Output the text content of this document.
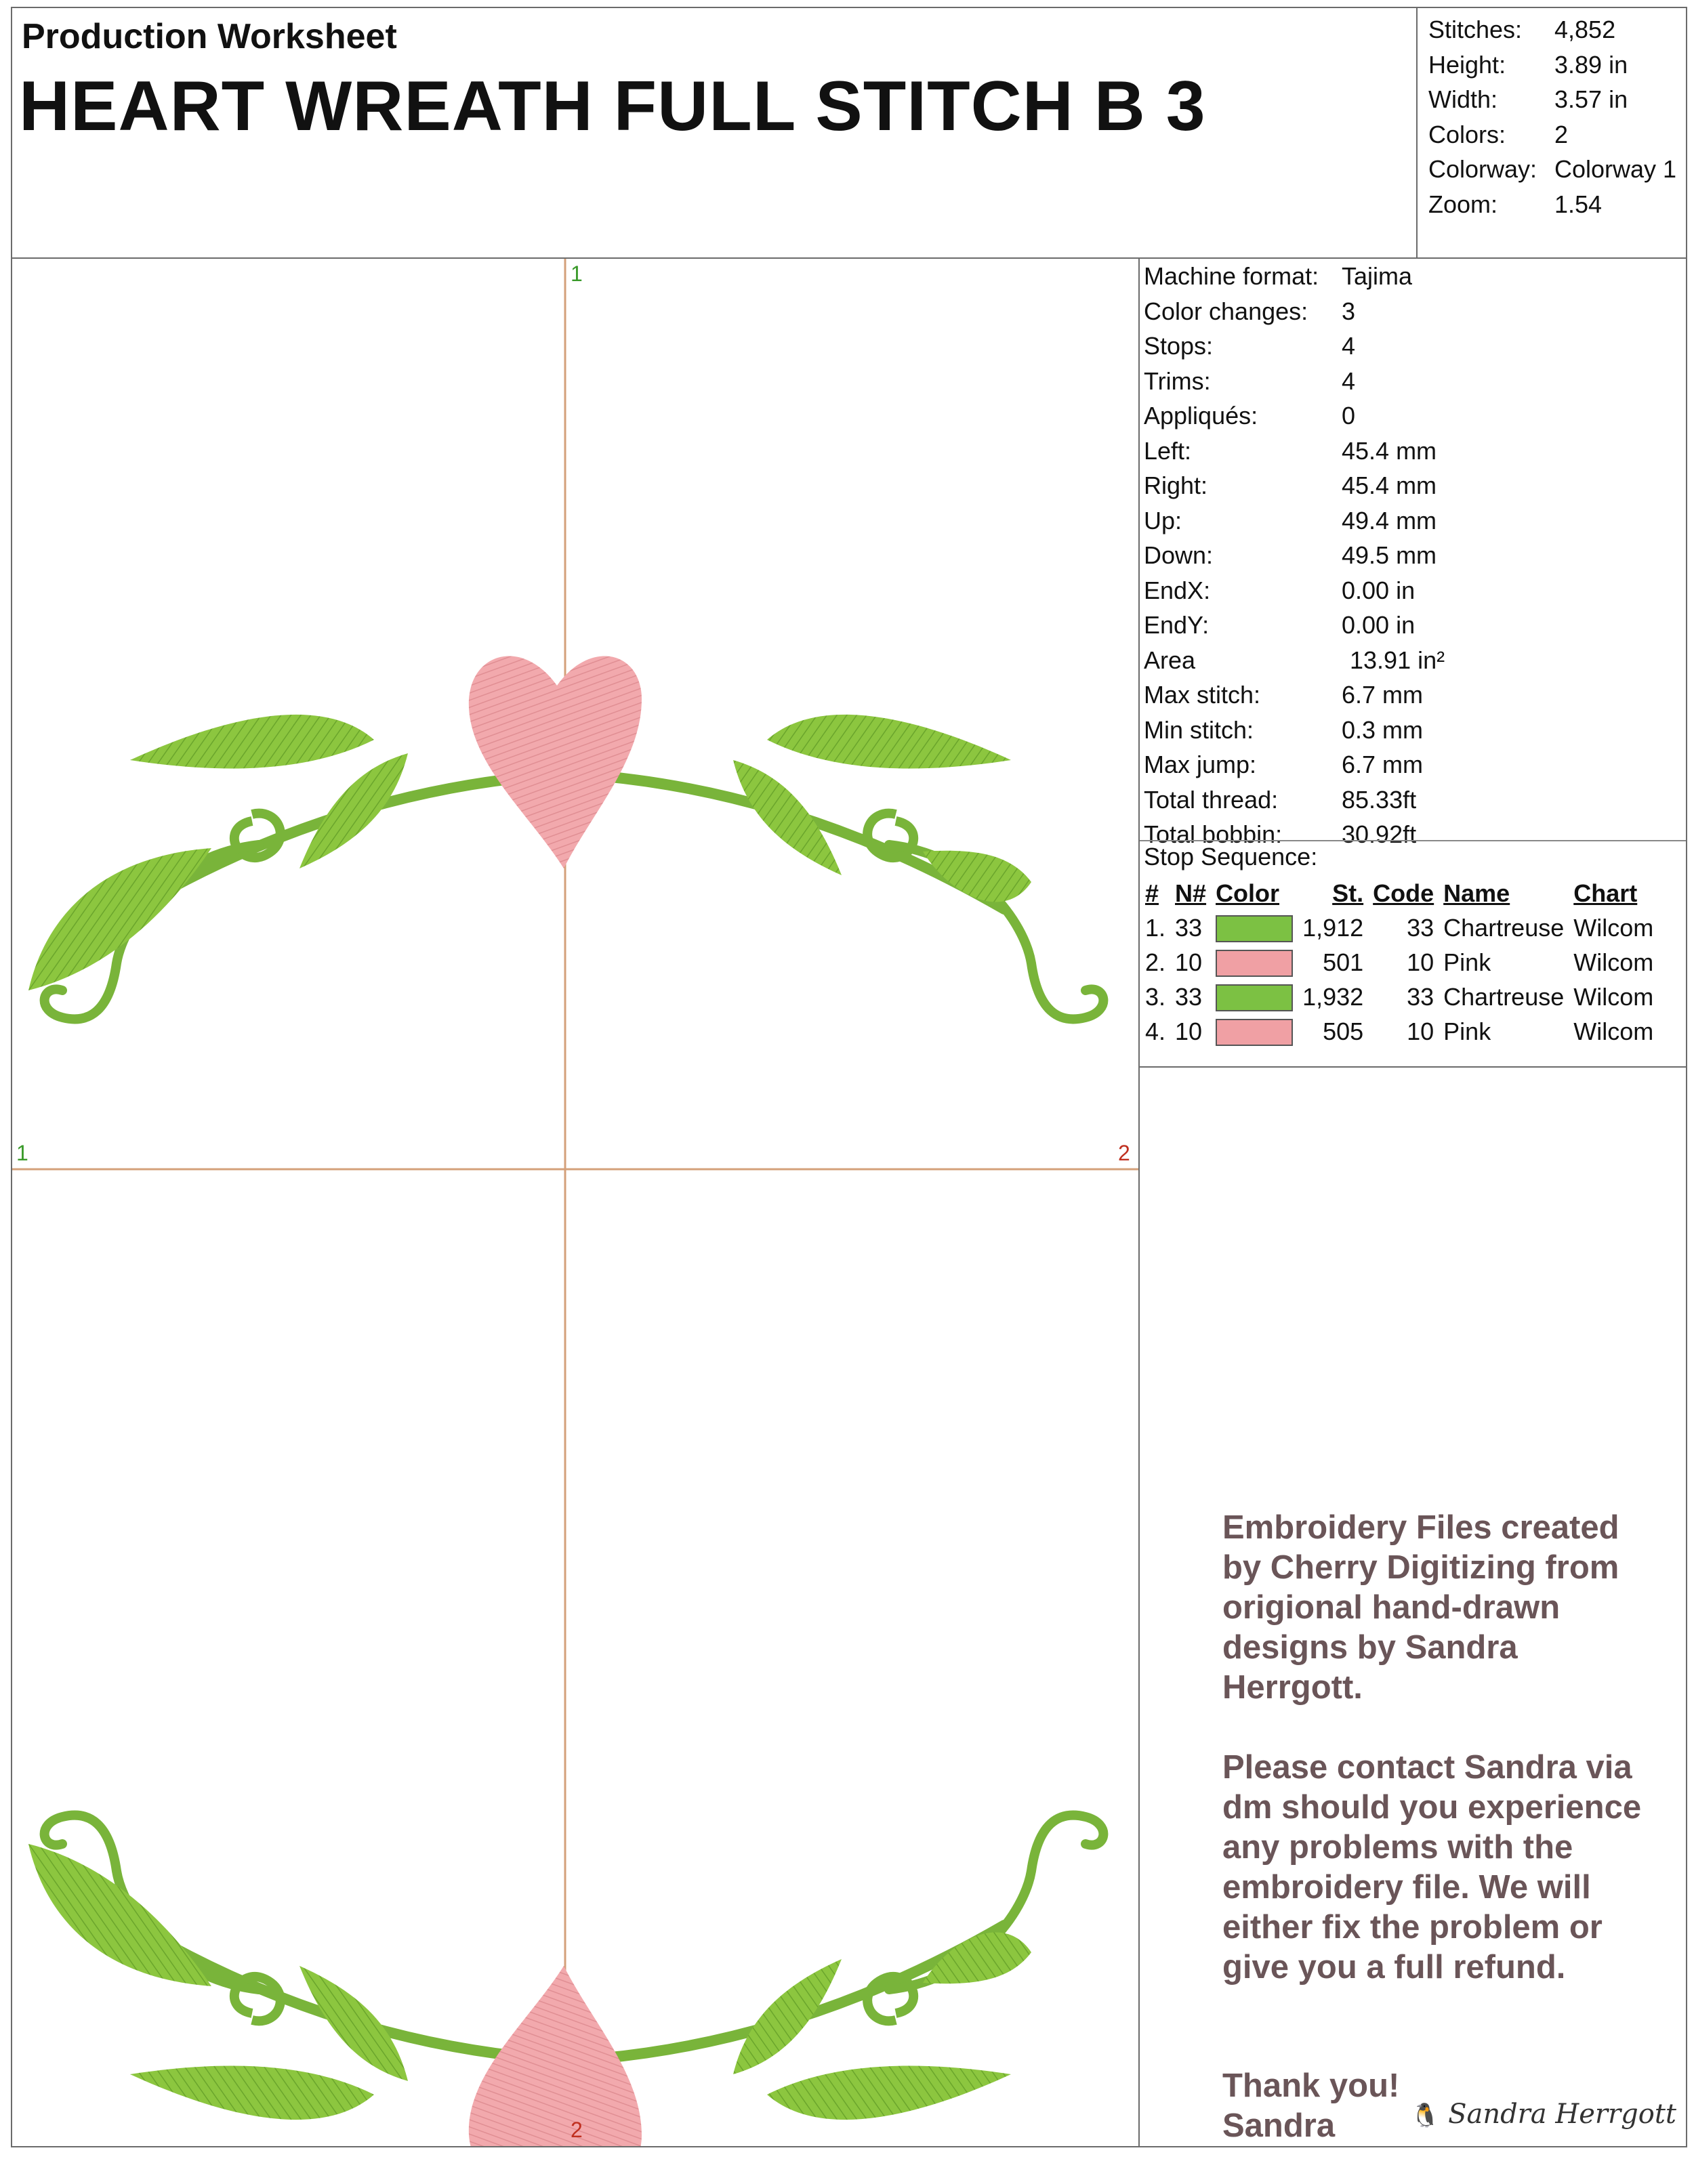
Production Worksheet
HEART WREATH FULL STITCH B 3
Stitches:	4,852
Height:	3.89 in
Width:	3.57 in
Colors:	2
Colorway: Colorway 1
Zoom:	1.54
1
1	2
2
Machine format: Tajima
Color changes:	3
Stops:	4
Trims:	4
Appliqués:	0
Left:	45.4 mm
Right:	45.4 mm
Up:	49.4 mm
Down:	49.5 mm
EndX:	0.00 in
EndY:	0.00 in
Area	13.91 in²
Max stitch:	6.7 mm
Min stitch:	0.3 mm
Max jump:	6.7 mm
Total thread:	85.33ft
Total bobbin:	30.92ft
Stop Sequence:
#	N#	Color	St.	Code	Name	Chart
1.	33		1,912	33	Chartreuse	Wilcom
2.	10		501	10	Pink	Wilcom
3.	33		1,932	33	Chartreuse	Wilcom
4.	10		505	10	Pink	Wilcom
Embroidery Files created
by Cherry Digitizing from
origional hand-drawn
designs by Sandra
Herrgott.
Please contact Sandra via
dm should you experience
any problems with the
embroidery file. We will
either fix the problem or
give you a full refund.
Thank you!
Sandra	🐧 Sandra Herrgott
